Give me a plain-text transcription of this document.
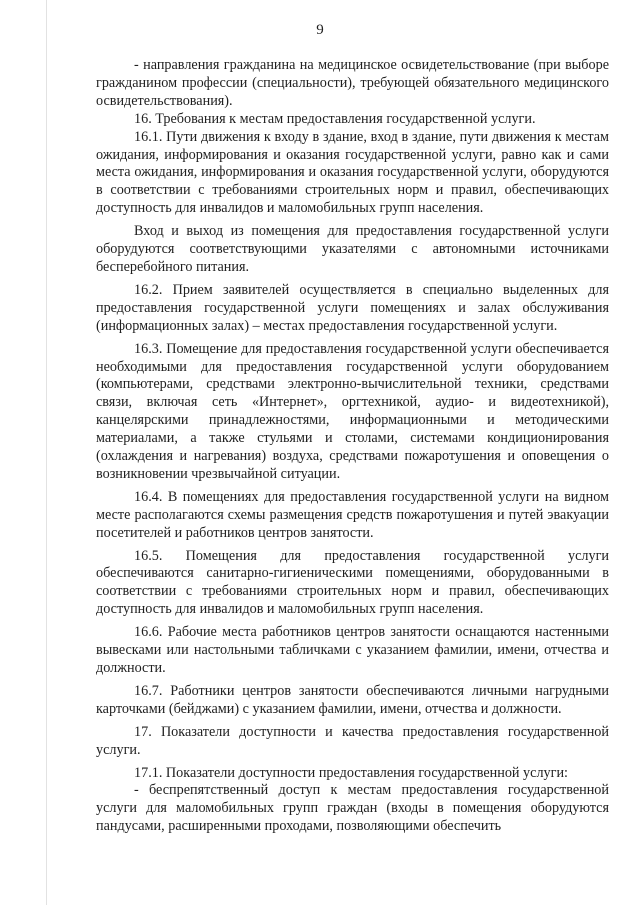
9

- направления гражданина на медицинское освидетельствование (при выборе гражданином профессии (специальности), требующей обязательного медицинского освидетельствования).

16. Требования к местам предоставления государственной услуги.

16.1. Пути движения к входу в здание, вход в здание, пути движения к местам ожидания, информирования и оказания государственной услуги, равно как и сами места ожидания, информирования и оказания государственной услуги, оборудуются в соответствии с требованиями строительных норм и правил, обеспечивающих доступность для инвалидов и маломобильных групп населения.

Вход и выход из помещения для предоставления государственной услуги оборудуются соответствующими указателями с автономными источниками бесперебойного питания.

16.2. Прием заявителей осуществляется в специально выделенных для предоставления государственной услуги помещениях и залах обслуживания (информационных залах) – местах предоставления государственной услуги.

16.3. Помещение для предоставления государственной услуги обеспечивается необходимыми для предоставления государственной услуги оборудованием (компьютерами, средствами электронно-вычислительной техники, средствами связи, включая сеть «Интернет», оргтехникой, аудио- и видеотехникой), канцелярскими принадлежностями, информационными и методическими материалами, а также стульями и столами, системами кондиционирования (охлаждения и нагревания) воздуха, средствами пожаротушения и оповещения о возникновении чрезвычайной ситуации.

16.4. В помещениях для предоставления государственной услуги на видном месте располагаются схемы размещения средств пожаротушения и путей эвакуации посетителей и работников центров занятости.

16.5. Помещения для предоставления государственной услуги обеспечиваются санитарно-гигиеническими помещениями, оборудованными в соответствии с требованиями строительных норм и правил, обеспечивающих доступность для инвалидов и маломобильных групп населения.

16.6. Рабочие места работников центров занятости оснащаются настенными вывесками или настольными табличками с указанием фамилии, имени, отчества и должности.

16.7. Работники центров занятости обеспечиваются личными нагрудными карточками (бейджами) с указанием фамилии, имени, отчества и должности.

17. Показатели доступности и качества предоставления государственной услуги.

17.1. Показатели доступности предоставления государственной услуги:

- беспрепятственный доступ к местам предоставления государственной услуги для маломобильных групп граждан (входы в помещения оборудуются пандусами, расширенными проходами, позволяющими обеспечить
